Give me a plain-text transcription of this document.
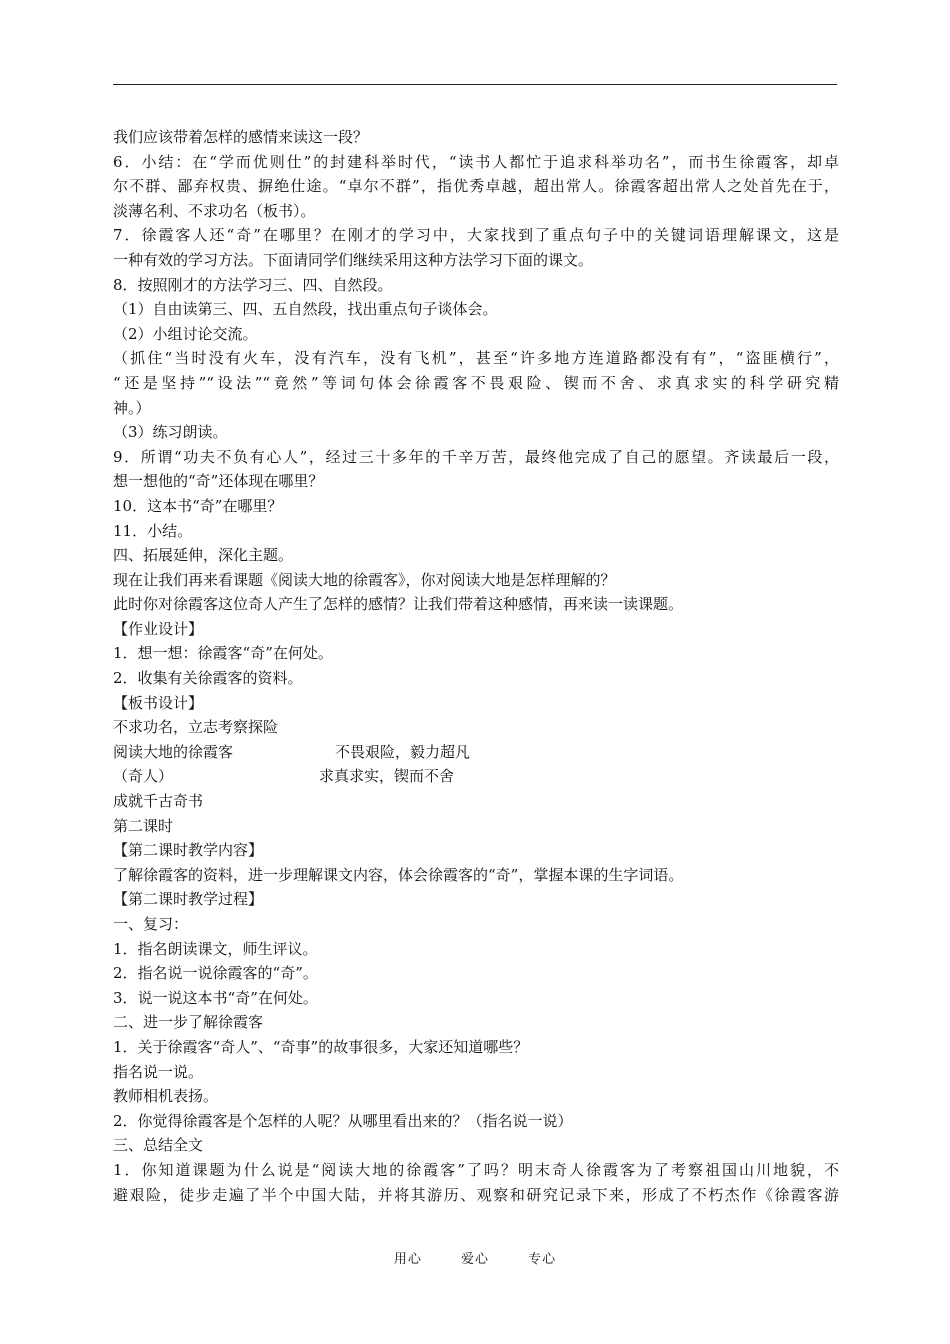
我们应该带着怎样的感情来读这一段？
6．小结：在“学而优则仕”的封建科举时代，“读书人都忙于追求科举功名”，而书生徐霞客，却卓
尔不群、鄙弃权贵、摒绝仕途。“卓尔不群”，指优秀卓越，超出常人。徐霞客超出常人之处首先在于，
淡薄名利、不求功名（板书）。
7．徐霞客人还“奇”在哪里？在刚才的学习中，大家找到了重点句子中的关键词语理解课文，这是
一种有效的学习方法。下面请同学们继续采用这种方法学习下面的课文。
8．按照刚才的方法学习三、四、自然段。
（1）自由读第三、四、五自然段，找出重点句子谈体会。
（2）小组讨论交流。
（抓住“当时没有火车，没有汽车，没有飞机”，甚至“许多地方连道路都没有有”，“盗匪横行”，
“还是坚持”“设法”“竟然”等词句体会徐霞客不畏艰险、锲而不舍、求真求实的科学研究精
神。）
（3）练习朗读。
9．所谓“功夫不负有心人”，经过三十多年的千辛万苦，最终他完成了自己的愿望。齐读最后一段，
想一想他的“奇”还体现在哪里？
10．这本书“奇”在哪里？
11．小结。
四、拓展延伸，深化主题。
现在让我们再来看课题《阅读大地的徐霞客》，你对阅读大地是怎样理解的？
此时你对徐霞客这位奇人产生了怎样的感情？让我们带着这种感情，再来读一读课题。
【作业设计】
1．想一想：徐霞客“奇”在何处。
2．收集有关徐霞客的资料。
【板书设计】
不求功名，立志考察探险
阅读大地的徐霞客	不畏艰险，毅力超凡
（奇人）	求真求实，锲而不舍
成就千古奇书
第二课时
【第二课时教学内容】
了解徐霞客的资料，进一步理解课文内容，体会徐霞客的“奇”，掌握本课的生字词语。
【第二课时教学过程】
一、复习：
1．指名朗读课文，师生评议。
2．指名说一说徐霞客的“奇”。
3．说一说这本书“奇”在何处。
二、进一步了解徐霞客
1．关于徐霞客“奇人”、“奇事”的故事很多，大家还知道哪些？
指名说一说。
教师相机表扬。
2．你觉得徐霞客是个怎样的人呢？从哪里看出来的？（指名说一说）
三、总结全文
1．你知道课题为什么说是“阅读大地的徐霞客”了吗？明末奇人徐霞客为了考察祖国山川地貌，不
避艰险，徒步走遍了半个中国大陆，并将其游历、观察和研究记录下来，形成了不朽杰作《徐霞客游
用心	爱心	专心
